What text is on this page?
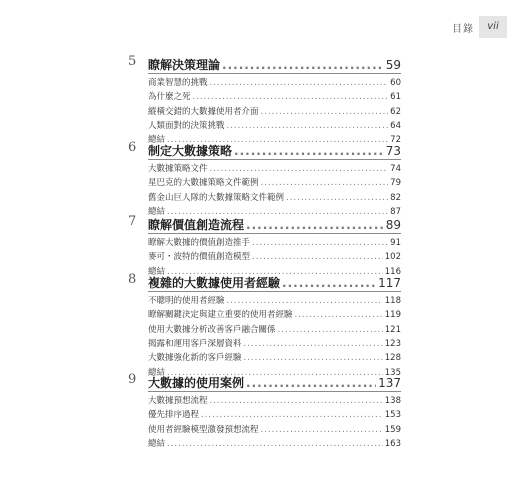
目錄	vii
5 瞭解決策理論 .....	59
商業智慧的挑戰 .....	60
為什麼之死 .....	61
縱橫交錯的大數據使用者介面 .....	62
人類面對的決策挑戰 .....	64
總結 .....	72
6 制定大數據策略 .....	73
大數據策略文件 .....	74
星巴克的大數據策略文件範例 .....	79
舊金山巨人隊的大數據策略文件範例 .....	82
總結 .....	87
7 瞭解價值創造流程 .....	89
瞭解大數據的價值創造推手 .....	91
麥可・波特的價值創造模型 .....	102
總結 .....	116
8 複雜的大數據使用者經驗 .....	117
不聰明的使用者經驗 .....	118
瞭解關鍵決定與建立重要的使用者經驗 .....	119
使用大數據分析改善客戶融合關係 .....	121
揭露和運用客戶深層資料 .....	123
大數據強化新的客戶經驗 .....	128
總結 .....	135
9 大數據的使用案例 .....	137
大數據預想流程 .....	138
優先排序過程 .....	153
使用者經驗模型激發預想流程 .....	159
總結 .....	163
